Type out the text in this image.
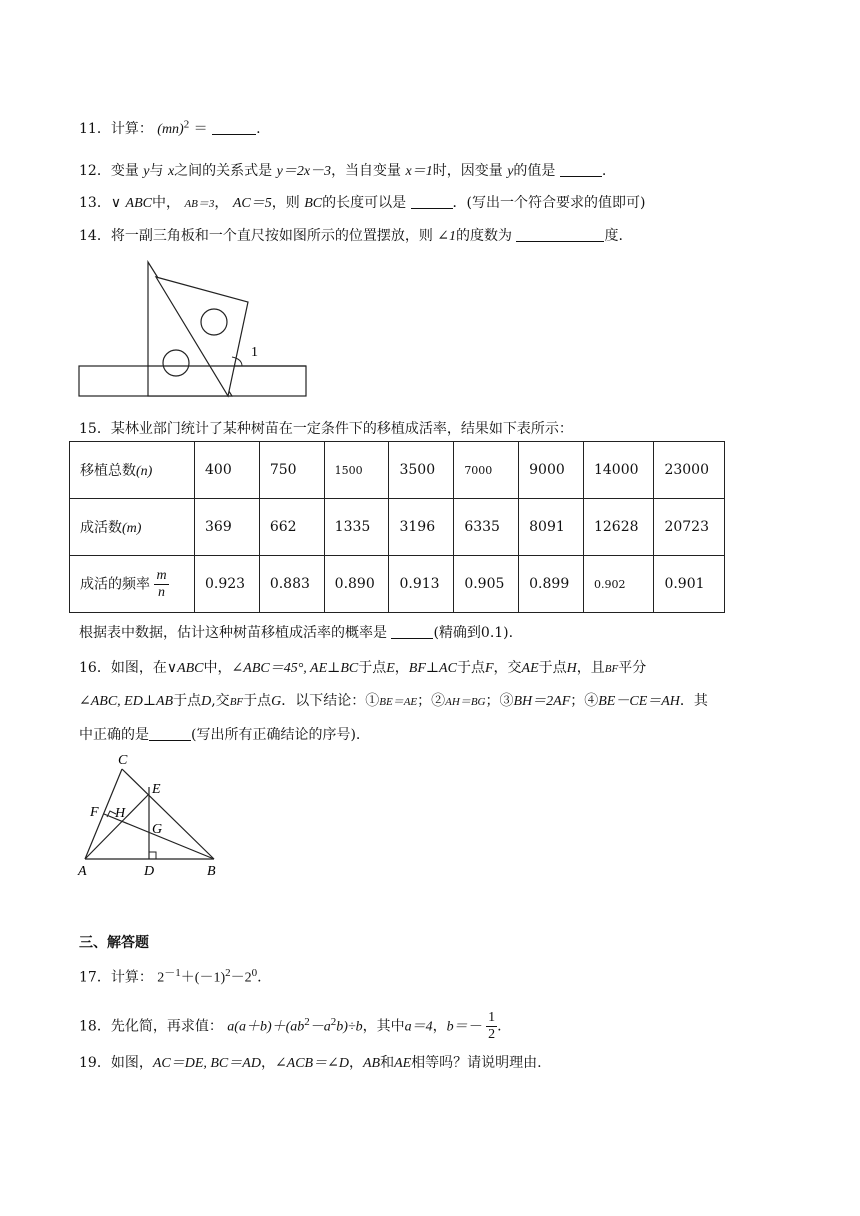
11．计算： (mn)$^2$ ＝	.
12．变量 y与 x之间的关系式是 y＝2x－3，当自变量 x＝1时，因变量 y的值是	.
13．∨ ABC中， AB＝3， AC＝5，则 BC的长度可以是	．(写出一个符合要求的值即可)
14．将一副三角板和一个直尺按如图所示的位置摆放，则 ∠1的度数为	度.
1
15．某林业部门统计了某种树苗在一定条件下的移植成活率，结果如下表所示：
移植总数(n)	400	750	1500	3500	7000	9000	14000	23000
成活数(m)	369	662	1335	3196	6335	8091	12628	20723
成活的频率 $\frac{m}{n}$	0.923	0.883	0.890	0.913	0.905	0.899	0.902	0.901
根据表中数据，估计这种树苗移植成活率的概率是	(精确到0.1).
16．如图，在∨ABC中，∠ABC＝45°, AE⊥BC于点E，BF⊥AC于点F，交AE于点H，且BF平分
∠ABC, ED⊥AB于点D,交BF于点G．以下结论：①BE＝AE；②AH＝BG；③BH＝2AF；④BE－CE＝AH．其
中正确的是	(写出所有正确结论的序号).
C
E
F H
G
A	D	B
三、解答题
17．计算： $2^{-1}+(-1)^2-2^0$.
18．先化简，再求值： $a(a+b)+(ab^2-a^2b)\div b$，其中a＝4，$b=- \frac{1}{2}$ .
19．如图，AC＝DE, BC＝AD，∠ACB＝∠D，AB和AE相等吗？请说明理由.
